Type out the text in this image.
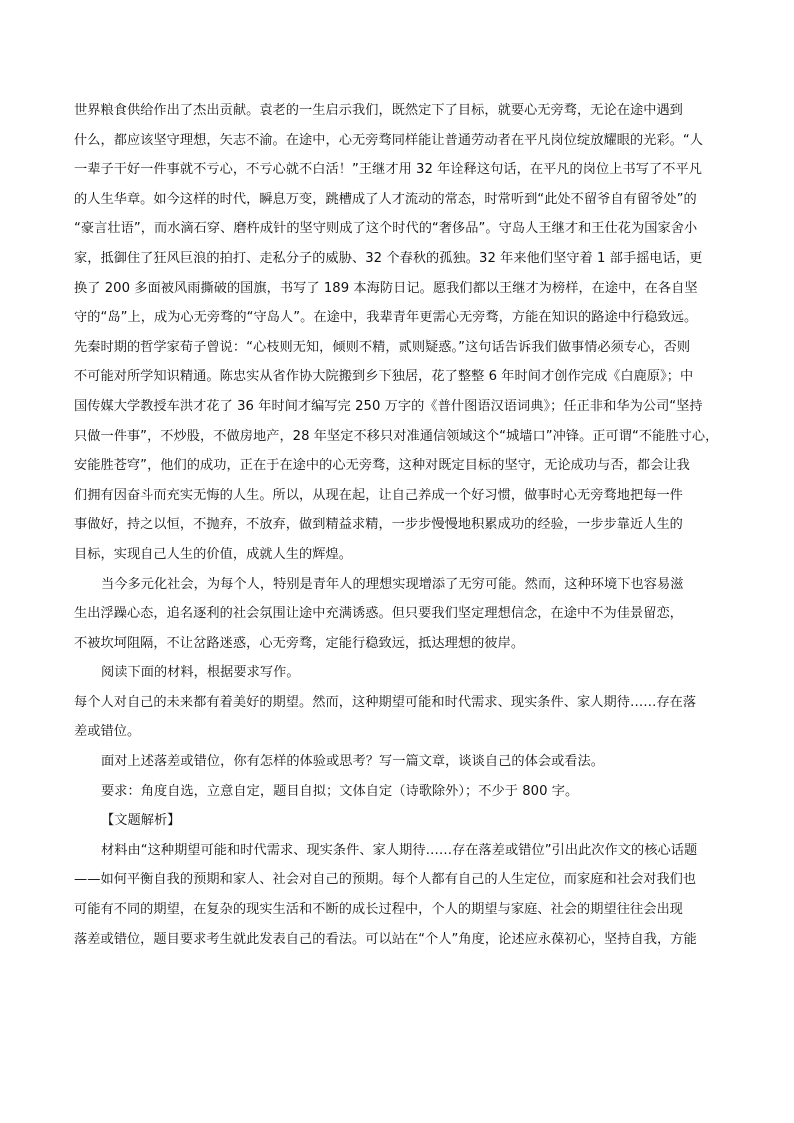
世界粮食供给作出了杰出贡献。袁老的一生启示我们，既然定下了目标，就要心无旁骛，无论在途中遇到
什么，都应该坚守理想，矢志不渝。在途中，心无旁骛同样能让普通劳动者在平凡岗位绽放耀眼的光彩。“人
一辈子干好一件事就不亏心，不亏心就不白活！”王继才用 32 年诠释这句话，在平凡的岗位上书写了不平凡
的人生华章。如今这样的时代，瞬息万变，跳槽成了人才流动的常态，时常听到“此处不留爷自有留爷处”的
“豪言壮语”，而水滴石穿、磨杵成针的坚守则成了这个时代的“奢侈品”。守岛人王继才和王仕花为国家舍小
家，抵御住了狂风巨浪的拍打、走私分子的威胁、32 个春秋的孤独。32 年来他们坚守着 1 部手摇电话，更
换了 200 多面被风雨撕破的国旗，书写了 189 本海防日记。愿我们都以王继才为榜样，在途中，在各自坚
守的“岛”上，成为心无旁骛的“守岛人”。在途中，我辈青年更需心无旁骛，方能在知识的路途中行稳致远。
先秦时期的哲学家荀子曾说：“心枝则无知，倾则不精，贰则疑惑。”这句话告诉我们做事情必须专心，否则
不可能对所学知识精通。陈忠实从省作协大院搬到乡下独居，花了整整 6 年时间才创作完成《白鹿原》；中
国传媒大学教授车洪才花了 36 年时间才编写完 250 万字的《普什图语汉语词典》；任正非和华为公司“坚持
只做一件事”，不炒股，不做房地产，28 年坚定不移只对准通信领域这个“城墙口”冲锋。正可谓“不能胜寸心，
安能胜苍穹”，他们的成功，正在于在途中的心无旁骛，这种对既定目标的坚守，无论成功与否，都会让我
们拥有因奋斗而充实无悔的人生。所以，从现在起，让自己养成一个好习惯，做事时心无旁骛地把每一件
事做好，持之以恒，不抛弃，不放弃，做到精益求精，一步步慢慢地积累成功的经验，一步步靠近人生的
目标，实现自己人生的价值，成就人生的辉煌。
当今多元化社会，为每个人，特别是青年人的理想实现增添了无穷可能。然而，这种环境下也容易滋
生出浮躁心态，追名逐利的社会氛围让途中充满诱惑。但只要我们坚定理想信念，在途中不为佳景留恋，
不被坎坷阻隔，不让岔路迷惑，心无旁骛，定能行稳致远，抵达理想的彼岸。
阅读下面的材料，根据要求写作。
每个人对自己的未来都有着美好的期望。然而，这种期望可能和时代需求、现实条件、家人期待……存在落
差或错位。
面对上述落差或错位，你有怎样的体验或思考？写一篇文章，谈谈自己的体会或看法。
要求：角度自选，立意自定，题目自拟；文体自定（诗歌除外）；不少于 800 字。
【文题解析】
材料由“这种期望可能和时代需求、现实条件、家人期待……存在落差或错位”引出此次作文的核心话题
——如何平衡自我的预期和家人、社会对自己的预期。每个人都有自己的人生定位，而家庭和社会对我们也
可能有不同的期望，在复杂的现实生活和不断的成长过程中，个人的期望与家庭、社会的期望往往会出现
落差或错位，题目要求考生就此发表自己的看法。可以站在“个人”角度，论述应永葆初心，坚持自我，方能
